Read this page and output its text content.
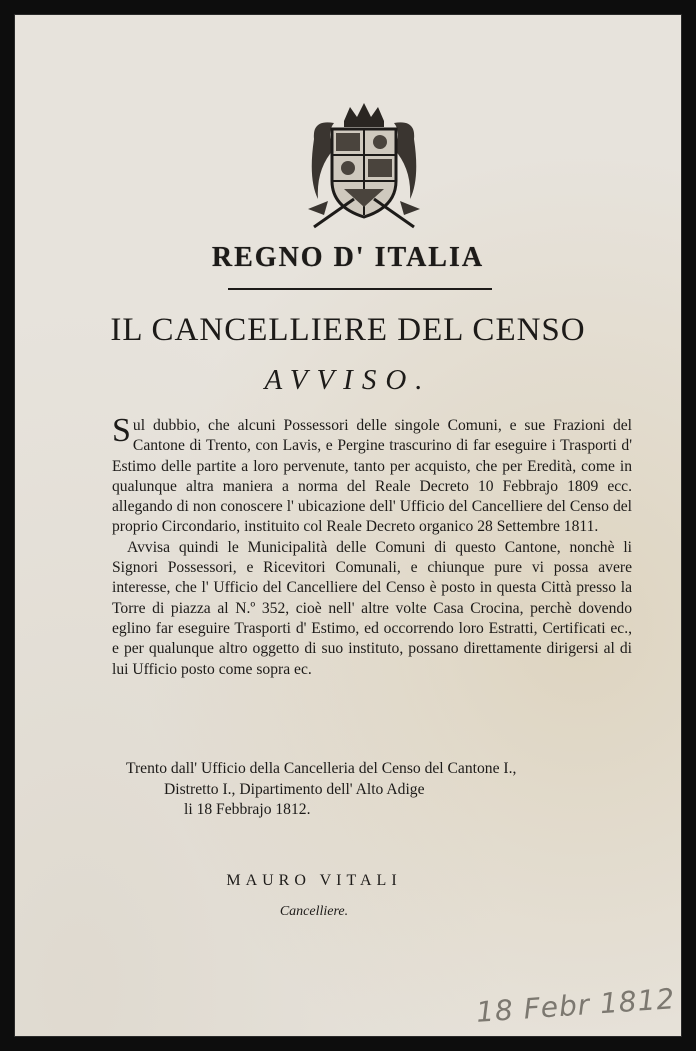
REGNO D' ITALIA
IL CANCELLIERE DEL CENSO
AVVISO.

Sul dubbio, che alcuni Possessori delle singole Comuni, e sue Frazioni del Cantone di Trento, con Lavis, e Pergine trascurino di far eseguire i Trasporti d' Estimo delle partite a loro pervenute, tanto per acquisto, che per Eredità, come in qualunque altra maniera a norma del Reale Decreto 10 Febbrajo 1809 ecc. allegando di non conoscere l' ubicazione dell' Ufficio del Cancelliere del Censo del proprio Circondario, instituito col Reale Decreto organico 28 Settembre 1811.

Avvisa quindi le Municipalità delle Comuni di questo Cantone, nonchè li Signori Possessori, e Ricevitori Comunali, e chiunque pure vi possa avere interesse, che l' Ufficio del Cancelliere del Censo è posto in questa Città presso la Torre di piazza al N.º 352, cioè nell' altre volte Casa Crocina, perchè dovendo eglino far eseguire Trasporti d' Estimo, ed occorrendo loro Estratti, Certificati ec., e per qualunque altro oggetto di suo instituto, possano direttamente dirigersi al di lui Ufficio posto come sopra ec.

Trento dall' Ufficio della Cancelleria del Censo del Cantone I.,
Distretto I., Dipartimento dell' Alto Adige
li 18 Febbrajo 1812.
MAURO VITALI
Cancelliere.
18 Febr 1812
